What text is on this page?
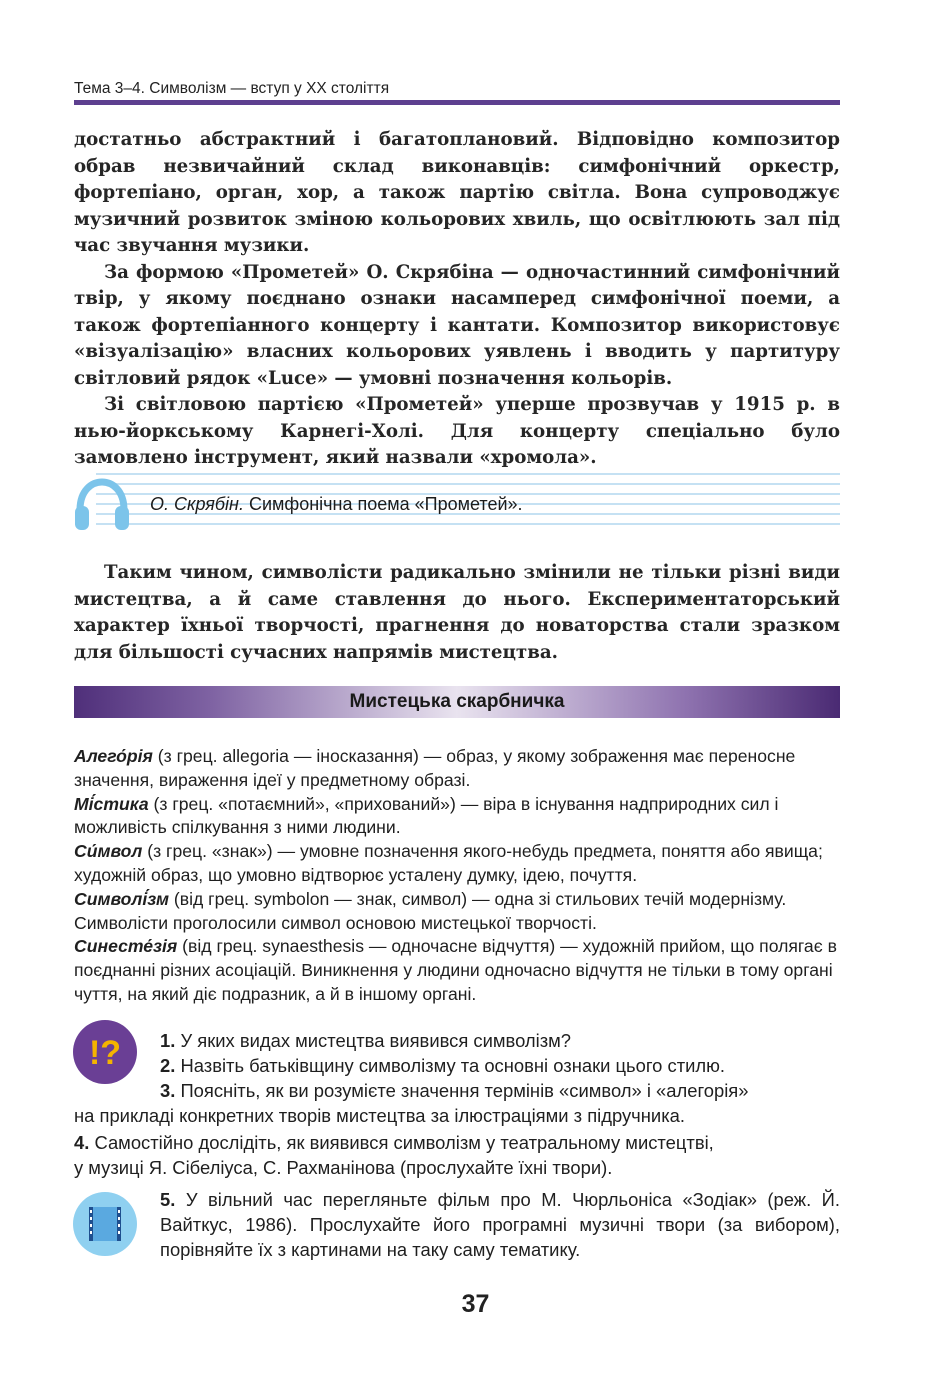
Тема 3–4. Символізм — вступ у ХХ століття

достатньо абстрактний і багатоплановий. Відповідно композитор обрав незвичайний склад виконавців: симфонічний оркестр, фортепіано, орган, хор, а також партію світла. Вона супроводжує музичний розвиток зміною кольорових хвиль, що освітлюють зал під час звучання музики.

За формою «Прометей» О. Скрябіна — одночастинний симфонічний твір, у якому поєднано ознаки насамперед симфонічної поеми, а також фортепіанного концерту і кантати. Композитор використовує «візуалізацію» власних кольорових уявлень і вводить у партитуру світловий рядок «Luce» — умовні позначення кольорів.

Зі світловою партією «Прометей» уперше прозвучав у 1915 р. в нью-йоркському Карнегі-Холі. Для концерту спеціально було замовлено інструмент, який назвали «хромола».

О. Скрябін. Симфонічна поема «Прометей».

Таким чином, символісти радикально змінили не тільки різні види мистецтва, а й саме ставлення до нього. Експериментаторський характер їхньої творчості, прагнення до новаторства стали зразком для більшості сучасних напрямів мистецтва.

Мистецька скарбничка

Алего́рія (з грец. allegoria — іносказання) — образ, у якому зображення має переносне значення, вираження ідеї у предметному образі.

Мі́стика (з грец. «потаємний», «прихований») — віра в існування надприродних сил і можливість спілкування з ними людини.

Си́мвол (з грец. «знак») — умовне позначення якого-небудь предмета, поняття або явища; художній образ, що умовно відтворює усталену думку, ідею, почуття.

Символі́зм (від грец. symbolon — знак, символ) — одна зі стильових течій модернізму. Символісти проголосили символ основою мистецької творчості.

Синесте́зія (від грец. synaesthesis — одночасне відчуття) — художній прийом, що полягає в поєднанні різних асоціацій. Виникнення у людини одночасно відчуття не тільки в тому органі чуття, на який діє подразник, а й в іншому органі.

!? 1. У яких видах мистецтва виявився символізм?
2. Назвіть батьківщину символізму та основні ознаки цього стилю.
3. Поясніть, як ви розумієте значення термінів «символ» і «алегорія»
на прикладі конкретних творів мистецтва за ілюстраціями з підручника.
4. Самостійно дослідіть, як виявився символізм у театральному мистецтві,
у музиці Я. Сібеліуса, С. Рахманінова (прослухайте їхні твори).
5. У вільний час перегляньте фільм про М. Чюрльоніса «Зодіак» (реж. Й. Вайткус, 1986). Прослухайте його програмні музичні твори (за вибором), порівняйте їх з картинами на таку саму тематику.
37
